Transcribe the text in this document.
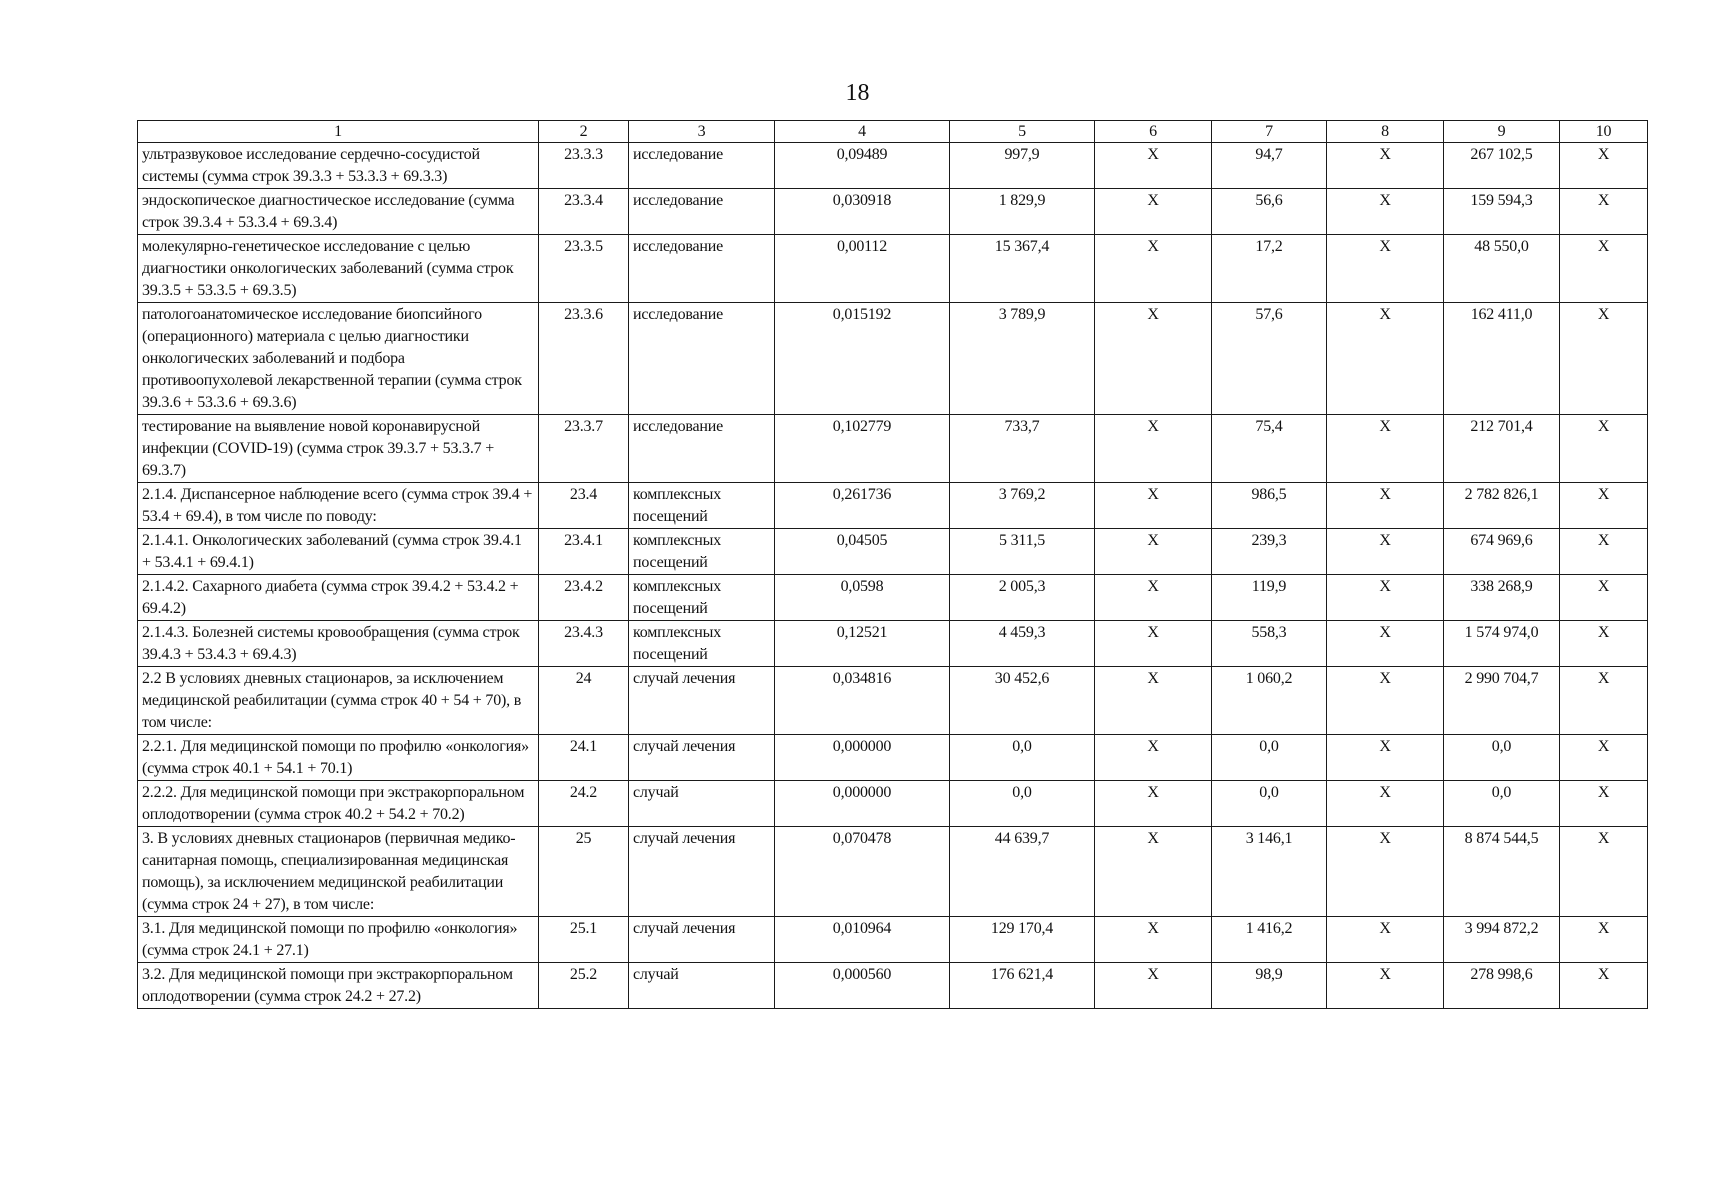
18
1	2	3	4	5	6	7	8	9	10
ультразвуковое исследование сердечно-сосудистой системы (сумма строк 39.3.3 + 53.3.3 + 69.3.3)	23.3.3	исследование	0,09489	997,9	X	94,7	X	267 102,5	X
эндоскопическое диагностическое исследование (сумма строк 39.3.4 + 53.3.4 + 69.3.4)	23.3.4	исследование	0,030918	1 829,9	X	56,6	X	159 594,3	X
молекулярно-генетическое исследование с целью диагностики онкологических заболеваний (сумма строк 39.3.5 + 53.3.5 + 69.3.5)	23.3.5	исследование	0,00112	15 367,4	X	17,2	X	48 550,0	X
патологоанатомическое исследование биопсийного (операционного) материала с целью диагностики онкологических заболеваний и подбора противоопухолевой лекарственной терапии (сумма строк 39.3.6 + 53.3.6 + 69.3.6)	23.3.6	исследование	0,015192	3 789,9	X	57,6	X	162 411,0	X
тестирование на выявление новой коронавирусной инфекции (COVID-19) (сумма строк 39.3.7 + 53.3.7 + 69.3.7)	23.3.7	исследование	0,102779	733,7	X	75,4	X	212 701,4	X
2.1.4. Диспансерное наблюдение всего (сумма строк 39.4 + 53.4 + 69.4), в том числе по поводу:	23.4	комплексных посещений	0,261736	3 769,2	X	986,5	X	2 782 826,1	X
2.1.4.1. Онкологических заболеваний (сумма строк 39.4.1 + 53.4.1 + 69.4.1)	23.4.1	комплексных посещений	0,04505	5 311,5	X	239,3	X	674 969,6	X
2.1.4.2. Сахарного диабета (сумма строк 39.4.2 + 53.4.2 + 69.4.2)	23.4.2	комплексных посещений	0,0598	2 005,3	X	119,9	X	338 268,9	X
2.1.4.3. Болезней системы кровообращения (сумма строк 39.4.3 + 53.4.3 + 69.4.3)	23.4.3	комплексных посещений	0,12521	4 459,3	X	558,3	X	1 574 974,0	X
2.2 В условиях дневных стационаров, за исключением медицинской реабилитации (сумма строк 40 + 54 + 70), в том числе:	24	случай лечения	0,034816	30 452,6	X	1 060,2	X	2 990 704,7	X
2.2.1. Для медицинской помощи по профилю «онкология» (сумма строк 40.1 + 54.1 + 70.1)	24.1	случай лечения	0,000000	0,0	X	0,0	X	0,0	X
2.2.2. Для медицинской помощи при экстракорпоральном оплодотворении (сумма строк 40.2 + 54.2 + 70.2)	24.2	случай	0,000000	0,0	X	0,0	X	0,0	X
3. В условиях дневных стационаров (первичная медико-санитарная помощь, специализированная медицинская помощь), за исключением медицинской реабилитации (сумма строк 24 + 27), в том числе:	25	случай лечения	0,070478	44 639,7	X	3 146,1	X	8 874 544,5	X
3.1. Для медицинской помощи по профилю «онкология» (сумма строк 24.1 + 27.1)	25.1	случай лечения	0,010964	129 170,4	X	1 416,2	X	3 994 872,2	X
3.2. Для медицинской помощи при экстракорпоральном оплодотворении (сумма строк 24.2 + 27.2)	25.2	случай	0,000560	176 621,4	X	98,9	X	278 998,6	X
